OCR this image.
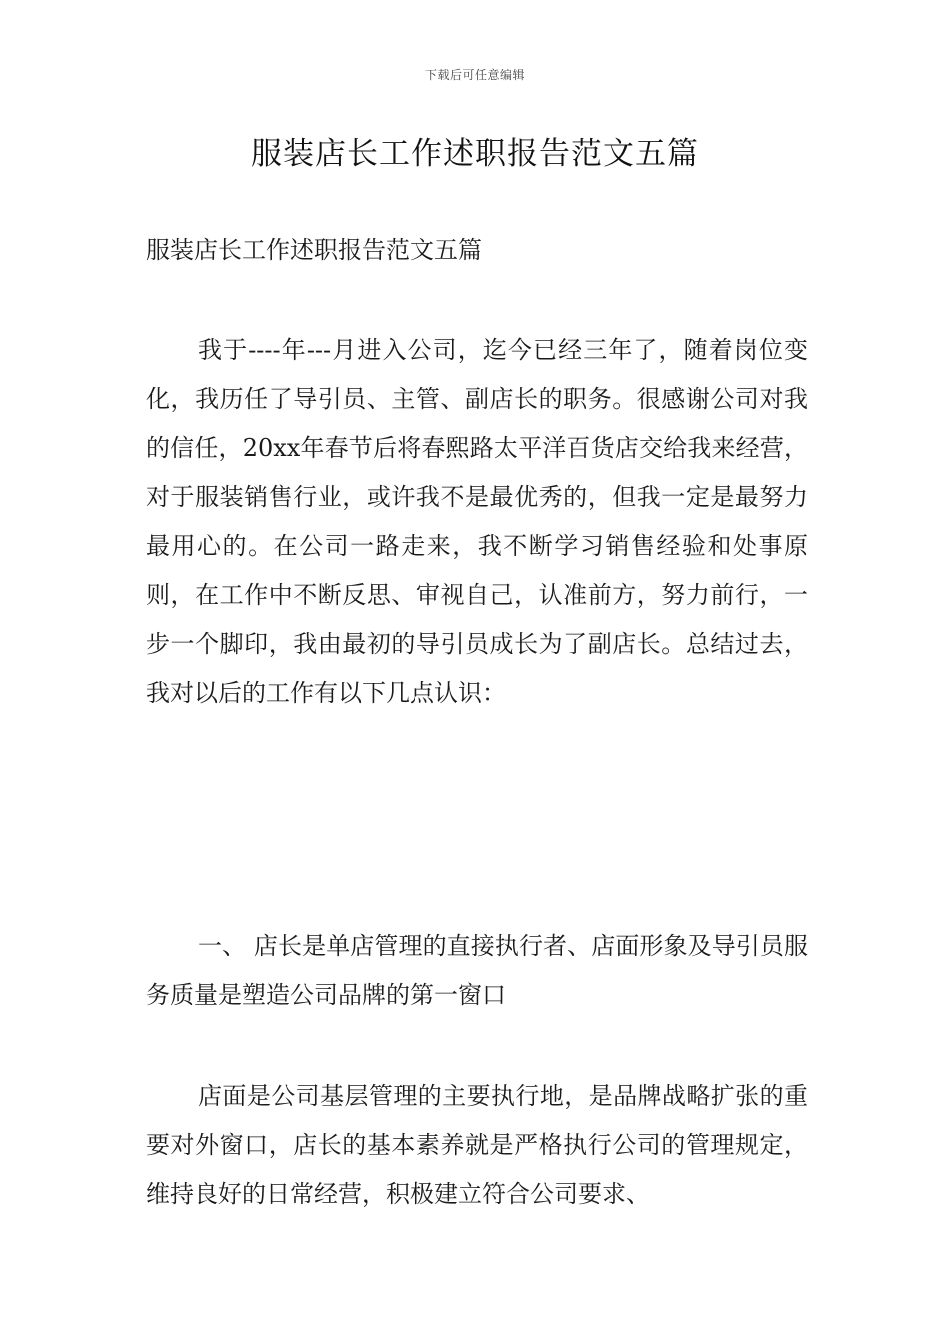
下载后可任意编辑
服装店长工作述职报告范文五篇

服装店长工作述职报告范文五篇

我于----年---月进入公司，迄今已经三年了，随着岗位变化，我历任了导引员、主管、副店长的职务。很感谢公司对我的信任，20xx年春节后将春熙路太平洋百货店交给我来经营，对于服装销售行业，或许我不是最优秀的，但我一定是最努力最用心的。在公司一路走来，我不断学习销售经验和处事原则，在工作中不断反思、审视自己，认准前方，努力前行，一步一个脚印，我由最初的导引员成长为了副店长。总结过去，我对以后的工作有以下几点认识：

一、 店长是单店管理的直接执行者、店面形象及导引员服务质量是塑造公司品牌的第一窗口

店面是公司基层管理的主要执行地，是品牌战略扩张的重要对外窗口，店长的基本素养就是严格执行公司的管理规定，维持良好的日常经营，积极建立符合公司要求、
